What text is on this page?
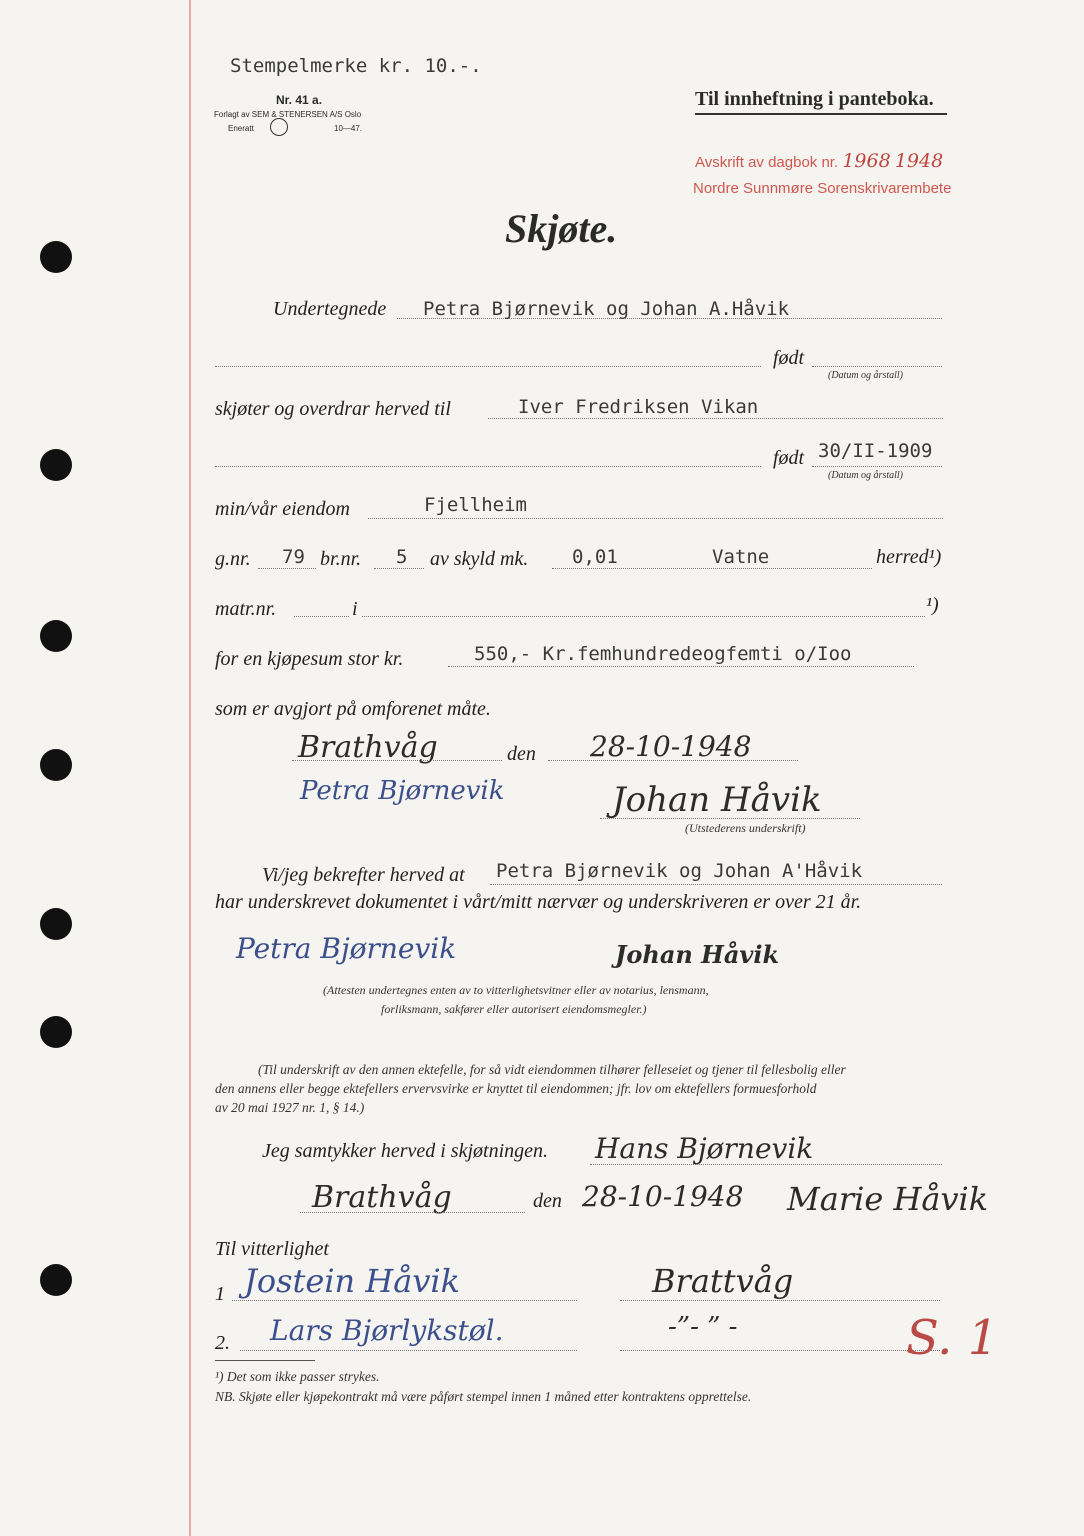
Stempelmerke kr. 10.-.
Nr. 41 a.
Forlagt av SEM & STENERSEN A/S Oslo
Eneratt	10—47.
Til innheftning i panteboka.
Avskrift av dagbok nr. 1968 1948
Nordre Sunnmøre Sorenskrivarembete
Skjøte.
Undertegnede Petra Bjørnevik og Johan A.Håvik
født
(Datum og årstall)
skjøter og overdrar herved til	Iver Fredriksen Vikan
født 30/II-1909
(Datum og årstall)
min/vår eiendom	Fjellheim
g.nr. 79 br.nr. 5 av skyld mk. 0,01	Vatne	herred¹)
matr.nr.	i	¹)
for en kjøpesum stor kr.	550,- Kr.femhundredeogfemti o/Ioo
som er avgjort på omforenet måte.
Brathvåg	den 28-10-1948
Petra Bjørnevik	Johan Håvik
(Utstederens underskrift)
Vi/jeg bekrefter herved at Petra Bjørnevik og Johan A'Håvik
har underskrevet dokumentet i vårt/mitt nærvær og underskriveren er over 21 år.
Petra Bjørnevik	Johan Håvik
(Attesten undertegnes enten av to vitterlighetsvitner eller av notarius, lensmann,
forliksmann, sakfører eller autorisert eiendomsmegler.)
(Til underskrift av den annen ektefelle, for så vidt eiendommen tilhører felleseiet og tjener til fellesbolig eller
den annens eller begge ektefellers ervervsvirke er knyttet til eiendommen; jfr. lov om ektefellers formuesforhold
av 20 mai 1927 nr. 1, § 14.)
Jeg samtykker herved i skjøtningen. Hans Bjørnevik
Brathvåg	den 28-10-1948 Marie Håvik
Til vitterlighet
1 Jostein Håvik	Brattvåg
2. Lars Bjørlykstøl.	-”- ” -	S. 1
¹) Det som ikke passer strykes.
NB. Skjøte eller kjøpekontrakt må være påført stempel innen 1 måned etter kontraktens opprettelse.
